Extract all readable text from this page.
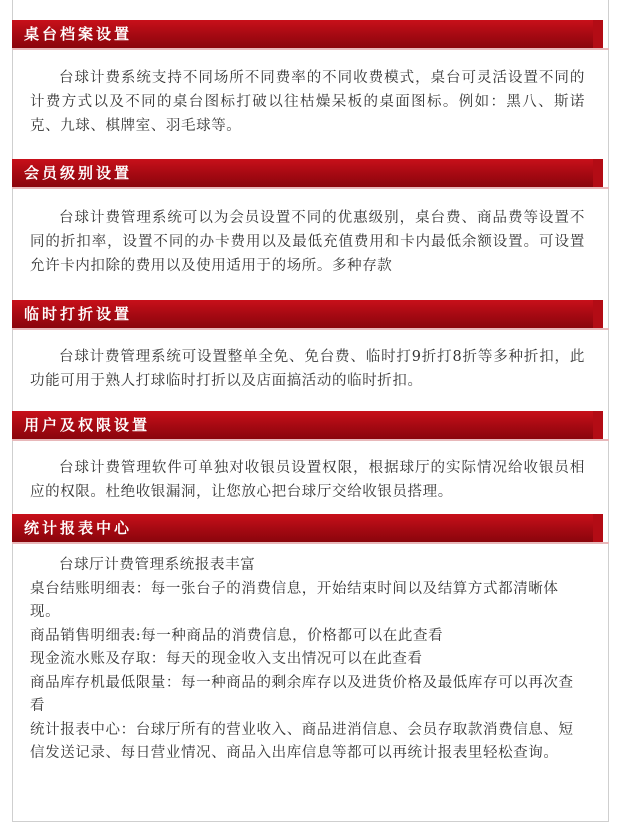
桌台档案设置
台球计费系统支持不同场所不同费率的不同收费模式，桌台可灵活设置不同的计费方式以及不同的桌台图标打破以往枯燥呆板的桌面图标。例如：黑八、斯诺克、九球、棋牌室、羽毛球等。
会员级别设置
台球计费管理系统可以为会员设置不同的优惠级别，桌台费、商品费等设置不同的折扣率，设置不同的办卡费用以及最低充值费用和卡内最低余额设置。可设置允许卡内扣除的费用以及使用适用于的场所。多种存款
临时打折设置
台球计费管理系统可设置整单全免、免台费、临时打9折打8折等多种折扣，此功能可用于熟人打球临时打折以及店面搞活动的临时折扣。
用户及权限设置
台球计费管理软件可单独对收银员设置权限，根据球厅的实际情况给收银员相应的权限。杜绝收银漏洞，让您放心把台球厅交给收银员搭理。
统计报表中心
台球厅计费管理系统报表丰富
桌台结账明细表：每一张台子的消费信息，开始结束时间以及结算方式都清晰体现。
商品销售明细表:每一种商品的消费信息，价格都可以在此查看
现金流水账及存取：每天的现金收入支出情况可以在此查看
商品库存机最低限量：每一种商品的剩余库存以及进货价格及最低库存可以再次查看
统计报表中心：台球厅所有的营业收入、商品进消信息、会员存取款消费信息、短信发送记录、每日营业情况、商品入出库信息等都可以再统计报表里轻松查询。
